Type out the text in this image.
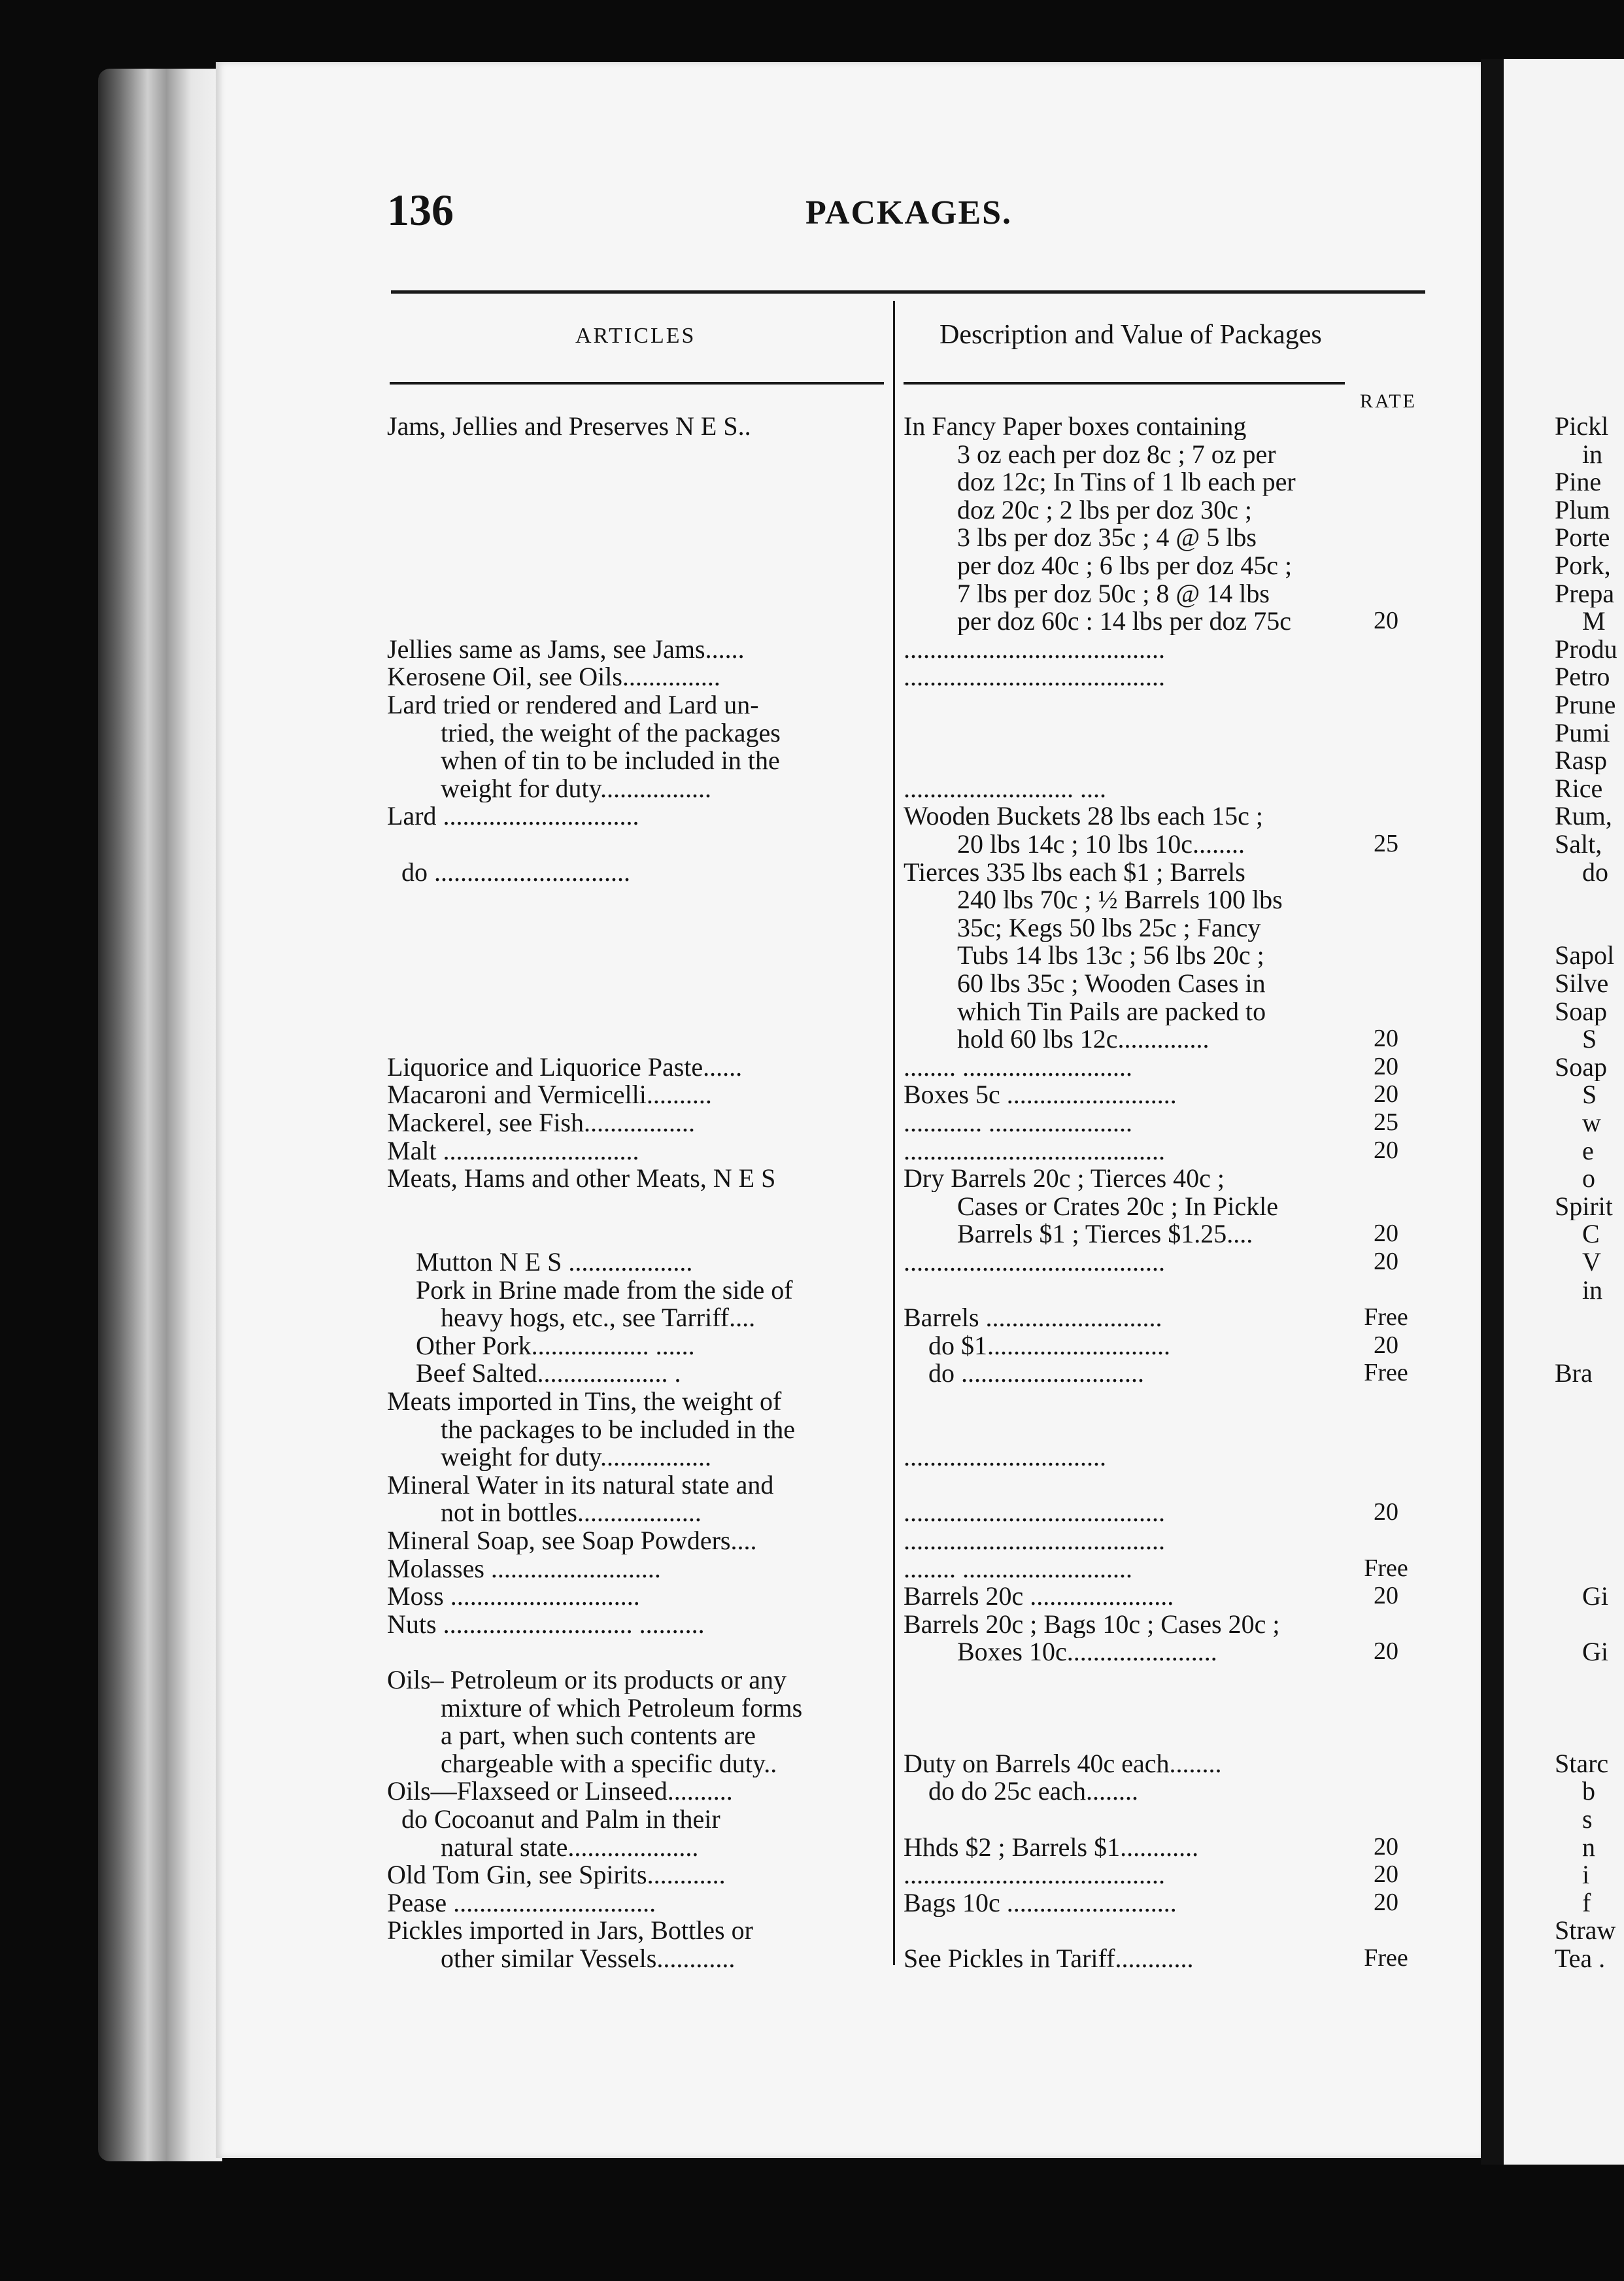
136	PACKAGES.
ARTICLES	Description and Value of Packages
RATE
Jams, Jellies and Preserves N E S..	In Fancy Paper boxes containing
3 oz each per doz 8c ; 7 oz per
doz 12c; In Tins of 1 lb each per
doz 20c ; 2 lbs per doz 30c ;
3 lbs per doz 35c ; 4 @ 5 lbs
per doz 40c ; 6 lbs per doz 45c ;
7 lbs per doz 50c ; 8 @ 14 lbs
per doz 60c : 14 lbs per doz 75c	20
Jellies same as Jams, see Jams......	........................................
Kerosene Oil, see Oils...............	........................................
Lard tried or rendered and Lard un-
tried, the weight of the packages
when of tin to be included in the
weight for duty.................	.......................... ....
Lard ..............................	Wooden Buckets 28 lbs each 15c ;
20 lbs 14c ; 10 lbs 10c........	25
do ..............................	Tierces 335 lbs each $1 ; Barrels
240 lbs 70c ; ½ Barrels 100 lbs
35c; Kegs 50 lbs 25c ; Fancy
Tubs 14 lbs 13c ; 56 lbs 20c ;
60 lbs 35c ; Wooden Cases in
which Tin Pails are packed to
hold 60 lbs 12c..............	20
Liquorice and Liquorice Paste......	........ ..........................	20
Macaroni and Vermicelli..........	Boxes 5c ..........................	20
Mackerel, see Fish.................	............ ......................	25
Malt ..............................	........................................	20
Meats, Hams and other Meats, N E S	Dry Barrels 20c ; Tierces 40c ;
Cases or Crates 20c ; In Pickle
Barrels $1 ; Tierces $1.25....	20
Mutton N E S ...................	........................................	20
Pork in Brine made from the side of
heavy hogs, etc., see Tarriff....	Barrels ...........................	Free
Other Pork.................. ......	do $1............................	20
Beef Salted.................... .	do ............................	Free
Meats imported in Tins, the weight of
the packages to be included in the
weight for duty.................	...............................
Mineral Water in its natural state and
not in bottles...................	........................................	20
Mineral Soap, see Soap Powders....	........................................
Molasses ..........................	........ ..........................	Free
Moss .............................	Barrels 20c ......................	20
Nuts ............................. ..........	Barrels 20c ; Bags 10c ; Cases 20c ;
Boxes 10c.......................	20
Oils– Petroleum or its products or any
mixture of which Petroleum forms
a part, when such contents are
chargeable with a specific duty..	Duty on Barrels 40c each........
Oils—Flaxseed or Linseed..........	do do 25c each........
do Cocoanut and Palm in their
natural state....................	Hhds $2 ; Barrels $1............	20
Old Tom Gin, see Spirits............	........................................	20
Pease ...............................	Bags 10c ..........................	20
Pickles imported in Jars, Bottles or
other similar Vessels............	See Pickles in Tariff............	Free
Pickl
in
Pine
Plum
Porte
Pork,
Prepa
M
Produ
Petro
Prune
Pumi
Rasp
Rice
Rum,
Salt,
do
Sapol
Silve
Soap
S
Soap
S
w
e
o
Spirit
C
V
in
Bra
Gi
Gi
Starc
b
s
n
i
f
Straw
Tea .
